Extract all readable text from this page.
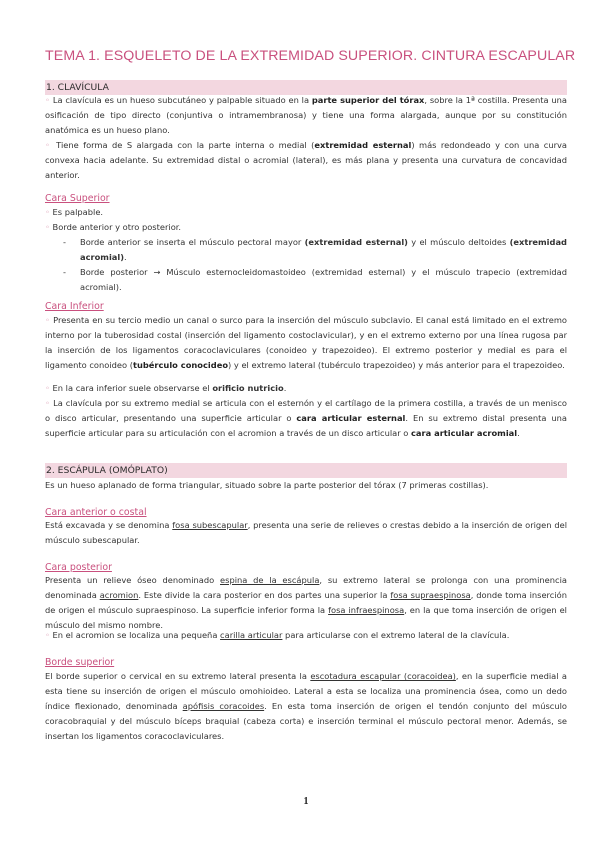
TEMA 1. ESQUELETO DE LA EXTREMIDAD SUPERIOR. CINTURA ESCAPULAR
1. CLAVÍCULA
◦ La clavícula es un hueso subcutáneo y palpable situado en la parte superior del tórax, sobre la 1ª costilla. Presenta una osificación de tipo directo (conjuntiva o intramembranosa) y tiene una forma alargada, aunque por su constitución anatómica es un hueso plano.
◦ Tiene forma de S alargada con la parte interna o medial (extremidad esternal) más redondeado y con una curva convexa hacia adelante. Su extremidad distal o acromial (lateral), es más plana y presenta una curvatura de concavidad anterior.
Cara Superior
◦ Es palpable.
◦ Borde anterior y otro posterior.
- Borde anterior se inserta el músculo pectoral mayor (extremidad esternal) y el músculo deltoides (extremidad acromial).
- Borde posterior → Músculo esternocleidomastoideo (extremidad esternal) y el músculo trapecio (extremidad acromial).
Cara Inferior
◦ Presenta en su tercio medio un canal o surco para la inserción del músculo subclavio. El canal está limitado en el extremo interno por la tuberosidad costal (inserción del ligamento costoclavicular), y en el extremo externo por una línea rugosa par la inserción de los ligamentos coracoclaviculares (conoideo y trapezoideo). El extremo posterior y medial es para el ligamento conoideo (tubérculo conocideo) y el extremo lateral (tubérculo trapezoideo) y más anterior para el trapezoideo.
◦ En la cara inferior suele observarse el orificio nutricio.
◦ La clavícula por su extremo medial se articula con el esternón y el cartílago de la primera costilla, a través de un menisco o disco articular, presentando una superficie articular o cara articular esternal. En su extremo distal presenta una superficie articular para su articulación con el acromion a través de un disco articular o cara articular acromial.
2. ESCÁPULA (OMÓPLATO)
Es un hueso aplanado de forma triangular, situado sobre la parte posterior del tórax (7 primeras costillas).
Cara anterior o costal
Está excavada y se denomina fosa subescapular, presenta una serie de relieves o crestas debido a la inserción de origen del músculo subescapular.
Cara posterior
Presenta un relieve óseo denominado espina de la escápula, su extremo lateral se prolonga con una prominencia denominada acromion. Este divide la cara posterior en dos partes una superior la fosa supraespinosa, donde toma inserción de origen el músculo supraespinoso. La superficie inferior forma la fosa infraespinosa, en la que toma inserción de origen el músculo del mismo nombre.
◦ En el acromion se localiza una pequeña carilla articular para articularse con el extremo lateral de la clavícula.
Borde superior
El borde superior o cervical en su extremo lateral presenta la escotadura escapular (coracoidea), en la superficie medial a esta tiene su inserción de origen el músculo omohioideo. Lateral a esta se localiza una prominencia ósea, como un dedo índice flexionado, denominada apófisis coracoides. En esta toma inserción de origen el tendón conjunto del músculo coracobraquial y del músculo bíceps braquial (cabeza corta) e inserción terminal el músculo pectoral menor. Además, se insertan los ligamentos coracoclaviculares.
1
